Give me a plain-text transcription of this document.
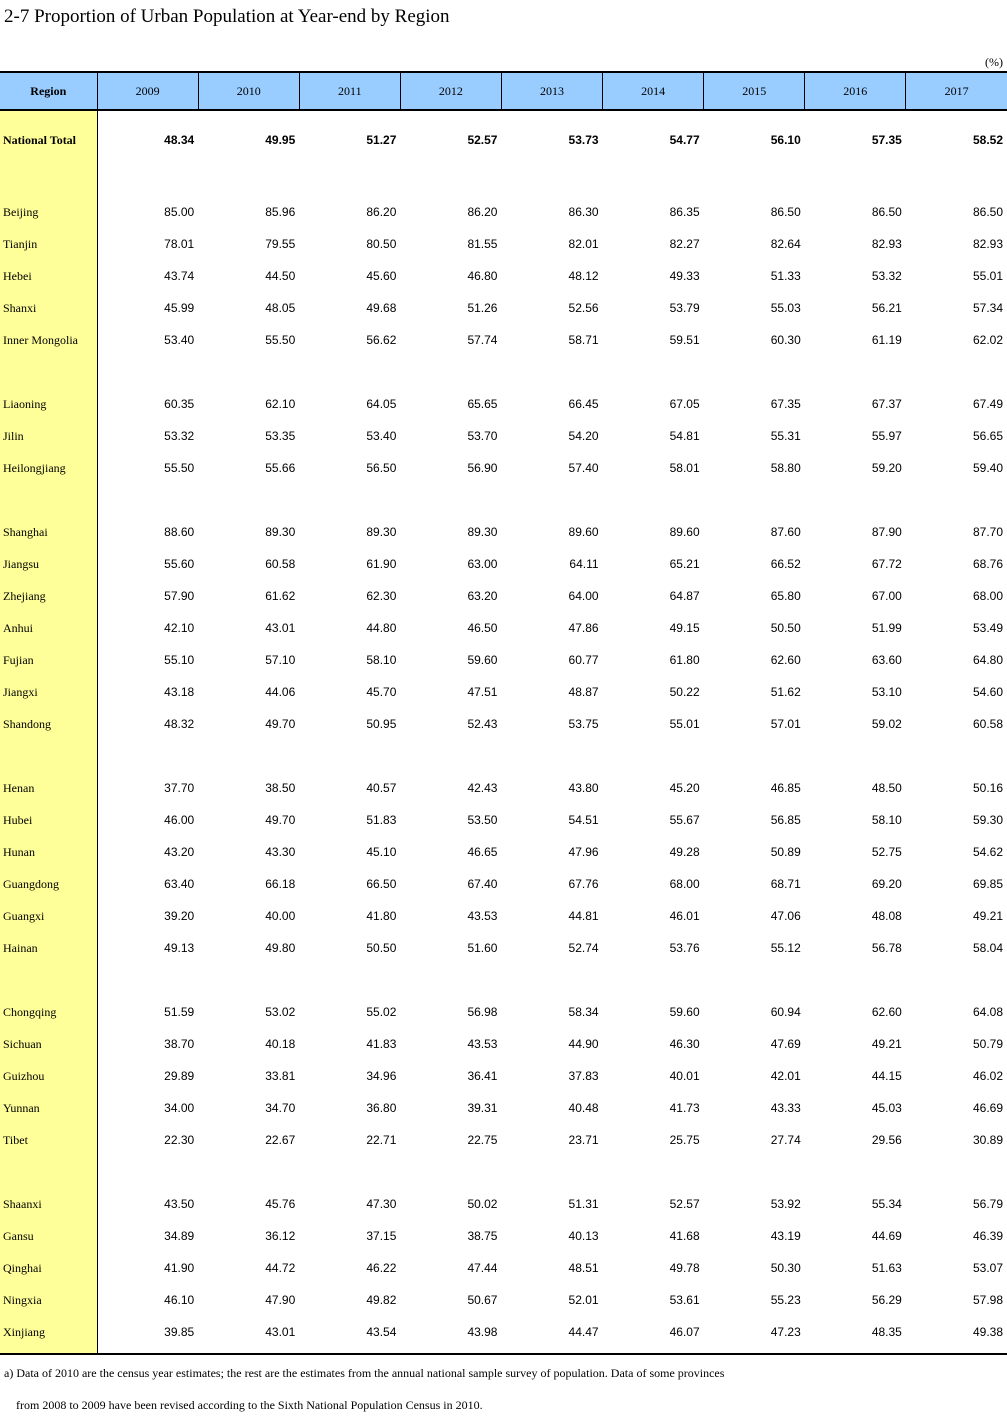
2-7 Proportion of Urban Population at Year-end by Region
(%)
Region	2009	2010	2011	2012	2013	2014	2015	2016	2017

National Total	48.34	49.95	51.27	52.57	53.73	54.77	56.10	57.35	58.52

Beijing	85.00	85.96	86.20	86.20	86.30	86.35	86.50	86.50	86.50
Tianjin	78.01	79.55	80.50	81.55	82.01	82.27	82.64	82.93	82.93
Hebei	43.74	44.50	45.60	46.80	48.12	49.33	51.33	53.32	55.01
Shanxi	45.99	48.05	49.68	51.26	52.56	53.79	55.03	56.21	57.34
Inner Mongolia	53.40	55.50	56.62	57.74	58.71	59.51	60.30	61.19	62.02

Liaoning	60.35	62.10	64.05	65.65	66.45	67.05	67.35	67.37	67.49
Jilin	53.32	53.35	53.40	53.70	54.20	54.81	55.31	55.97	56.65
Heilongjiang	55.50	55.66	56.50	56.90	57.40	58.01	58.80	59.20	59.40

Shanghai	88.60	89.30	89.30	89.30	89.60	89.60	87.60	87.90	87.70
Jiangsu	55.60	60.58	61.90	63.00	64.11	65.21	66.52	67.72	68.76
Zhejiang	57.90	61.62	62.30	63.20	64.00	64.87	65.80	67.00	68.00
Anhui	42.10	43.01	44.80	46.50	47.86	49.15	50.50	51.99	53.49
Fujian	55.10	57.10	58.10	59.60	60.77	61.80	62.60	63.60	64.80
Jiangxi	43.18	44.06	45.70	47.51	48.87	50.22	51.62	53.10	54.60
Shandong	48.32	49.70	50.95	52.43	53.75	55.01	57.01	59.02	60.58

Henan	37.70	38.50	40.57	42.43	43.80	45.20	46.85	48.50	50.16
Hubei	46.00	49.70	51.83	53.50	54.51	55.67	56.85	58.10	59.30
Hunan	43.20	43.30	45.10	46.65	47.96	49.28	50.89	52.75	54.62
Guangdong	63.40	66.18	66.50	67.40	67.76	68.00	68.71	69.20	69.85
Guangxi	39.20	40.00	41.80	43.53	44.81	46.01	47.06	48.08	49.21
Hainan	49.13	49.80	50.50	51.60	52.74	53.76	55.12	56.78	58.04

Chongqing	51.59	53.02	55.02	56.98	58.34	59.60	60.94	62.60	64.08
Sichuan	38.70	40.18	41.83	43.53	44.90	46.30	47.69	49.21	50.79
Guizhou	29.89	33.81	34.96	36.41	37.83	40.01	42.01	44.15	46.02
Yunnan	34.00	34.70	36.80	39.31	40.48	41.73	43.33	45.03	46.69
Tibet	22.30	22.67	22.71	22.75	23.71	25.75	27.74	29.56	30.89

Shaanxi	43.50	45.76	47.30	50.02	51.31	52.57	53.92	55.34	56.79
Gansu	34.89	36.12	37.15	38.75	40.13	41.68	43.19	44.69	46.39
Qinghai	41.90	44.72	46.22	47.44	48.51	49.78	50.30	51.63	53.07
Ningxia	46.10	47.90	49.82	50.67	52.01	53.61	55.23	56.29	57.98
Xinjiang	39.85	43.01	43.54	43.98	44.47	46.07	47.23	48.35	49.38

a) Data of 2010 are the census year estimates; the rest are the estimates from the annual national sample survey of population. Data of some provinces
from 2008 to 2009 have been revised according to the Sixth National Population Census in 2010.
